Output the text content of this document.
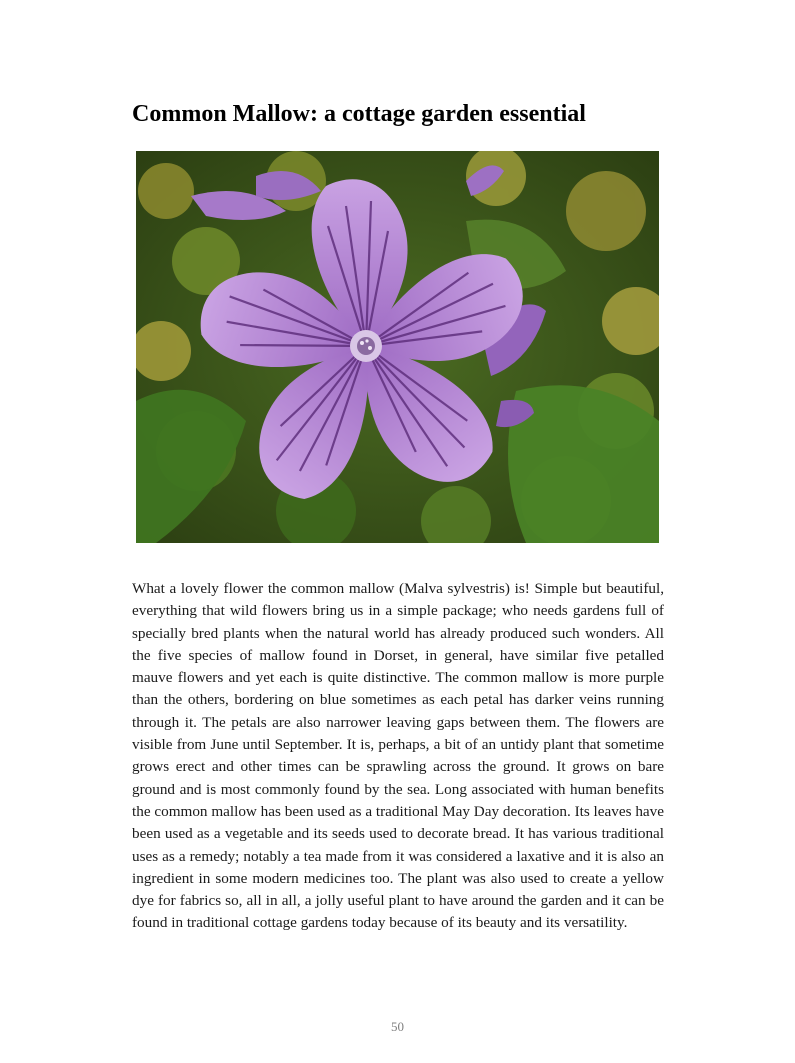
Common Mallow: a cottage garden essential

What a lovely flower the common mallow (Malva sylvestris) is! Simple but beautiful, everything that wild flowers bring us in a simple package; who needs gardens full of specially bred plants when the natural world has already produced such wonders. All the five species of mallow found in Dorset, in general, have similar five petalled mauve flowers and yet each is quite distinctive. The common mallow is more purple than the others, bordering on blue sometimes as each petal has darker veins running through it. The petals are also narrower leaving gaps between them. The flowers are visible from June until September. It is, perhaps, a bit of an untidy plant that sometime grows erect and other times can be sprawling across the ground. It grows on bare ground and is most commonly found by the sea. Long associated with human benefits the common mallow has been used as a traditional May Day decoration. Its leaves have been used as a vegetable and its seeds used to decorate bread. It has various traditional uses as a remedy; notably a tea made from it was considered a laxative and it is also an ingredient in some modern medicines too. The plant was also used to create a yellow dye for fabrics so, all in all, a jolly useful plant to have around the garden and it can be found in traditional cottage gardens today because of its beauty and its versatility.

50
